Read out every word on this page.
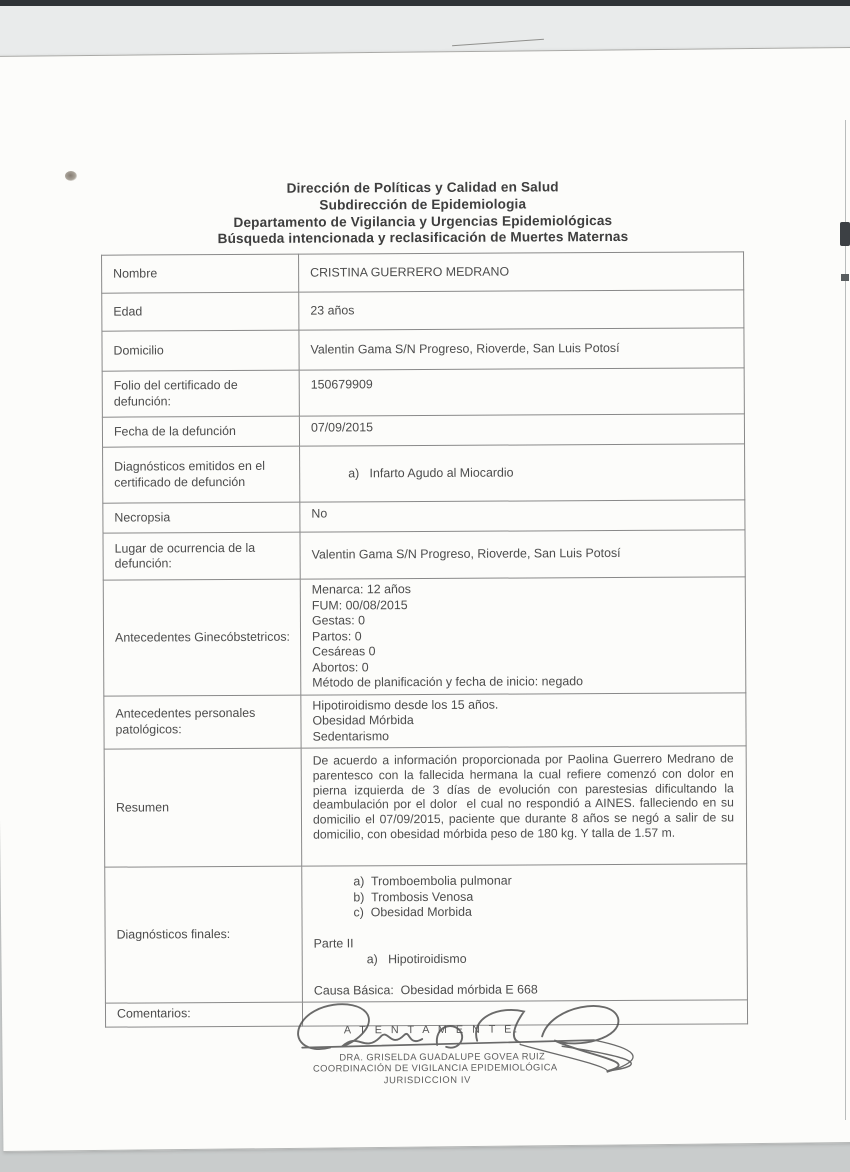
Dirección de Políticas y Calidad en Salud
Subdirección de Epidemiologia
Departamento de Vigilancia y Urgencias Epidemiológicas
Búsqueda intencionada y reclasificación de Muertes Maternas
Nombre	CRISTINA GUERRERO MEDRANO

Edad	23 años

Domicilio	Valentin Gama S/N Progreso, Rioverde, San Luis Potosí

Folio del certificado de defunción:	150679909

Fecha de la defunción	07/09/2015

Diagnósticos emitidos en el certificado de defunción	a)   Infarto Agudo al Miocardio

Necropsia	No

Lugar de ocurrencia de la defunción:	Valentin Gama S/N Progreso, Rioverde, San Luis Potosí

Antecedentes Ginecóbstetricos:	
Menarca: 12 años
FUM: 00/08/2015
Gestas: 0
Partos: 0
Cesáreas 0
Abortos: 0
Método de planificación y fecha de inicio: negado

Antecedentes personales patológicos:	Hipotiroidismo desde los 15 años.
Obesidad Mórbida
Sedentarismo

Resumen	De acuerdo a información proporcionada por Paolina Guerrero Medrano de parentesco con la fallecida hermana la cual refiere comenzó con dolor en pierna izquierda de 3 días de evolución con parestesias dificultando la deambulación por el dolor  el cual no respondió a AINES. falleciendo en su domicilio el 07/09/2015, paciente que durante 8 años se negó a salir de su domicilio, con obesidad mórbida peso de 180 kg. Y talla de 1.57 m.

Diagnósticos finales:	
a)  Tromboembolia pulmonar
b)  Trombosis Venosa
c)  Obesidad Morbida

Parte II
a)   Hipotiroidismo

Causa Básica:  Obesidad mórbida E 668

Comentarios:	
A T E N T A M E N T E.
DRA. GRISELDA GUADALUPE GOVEA RUIZ
COORDINACIÓN DE VIGILANCIA EPIDEMIOLÓGICA
JURISDICCION IV
